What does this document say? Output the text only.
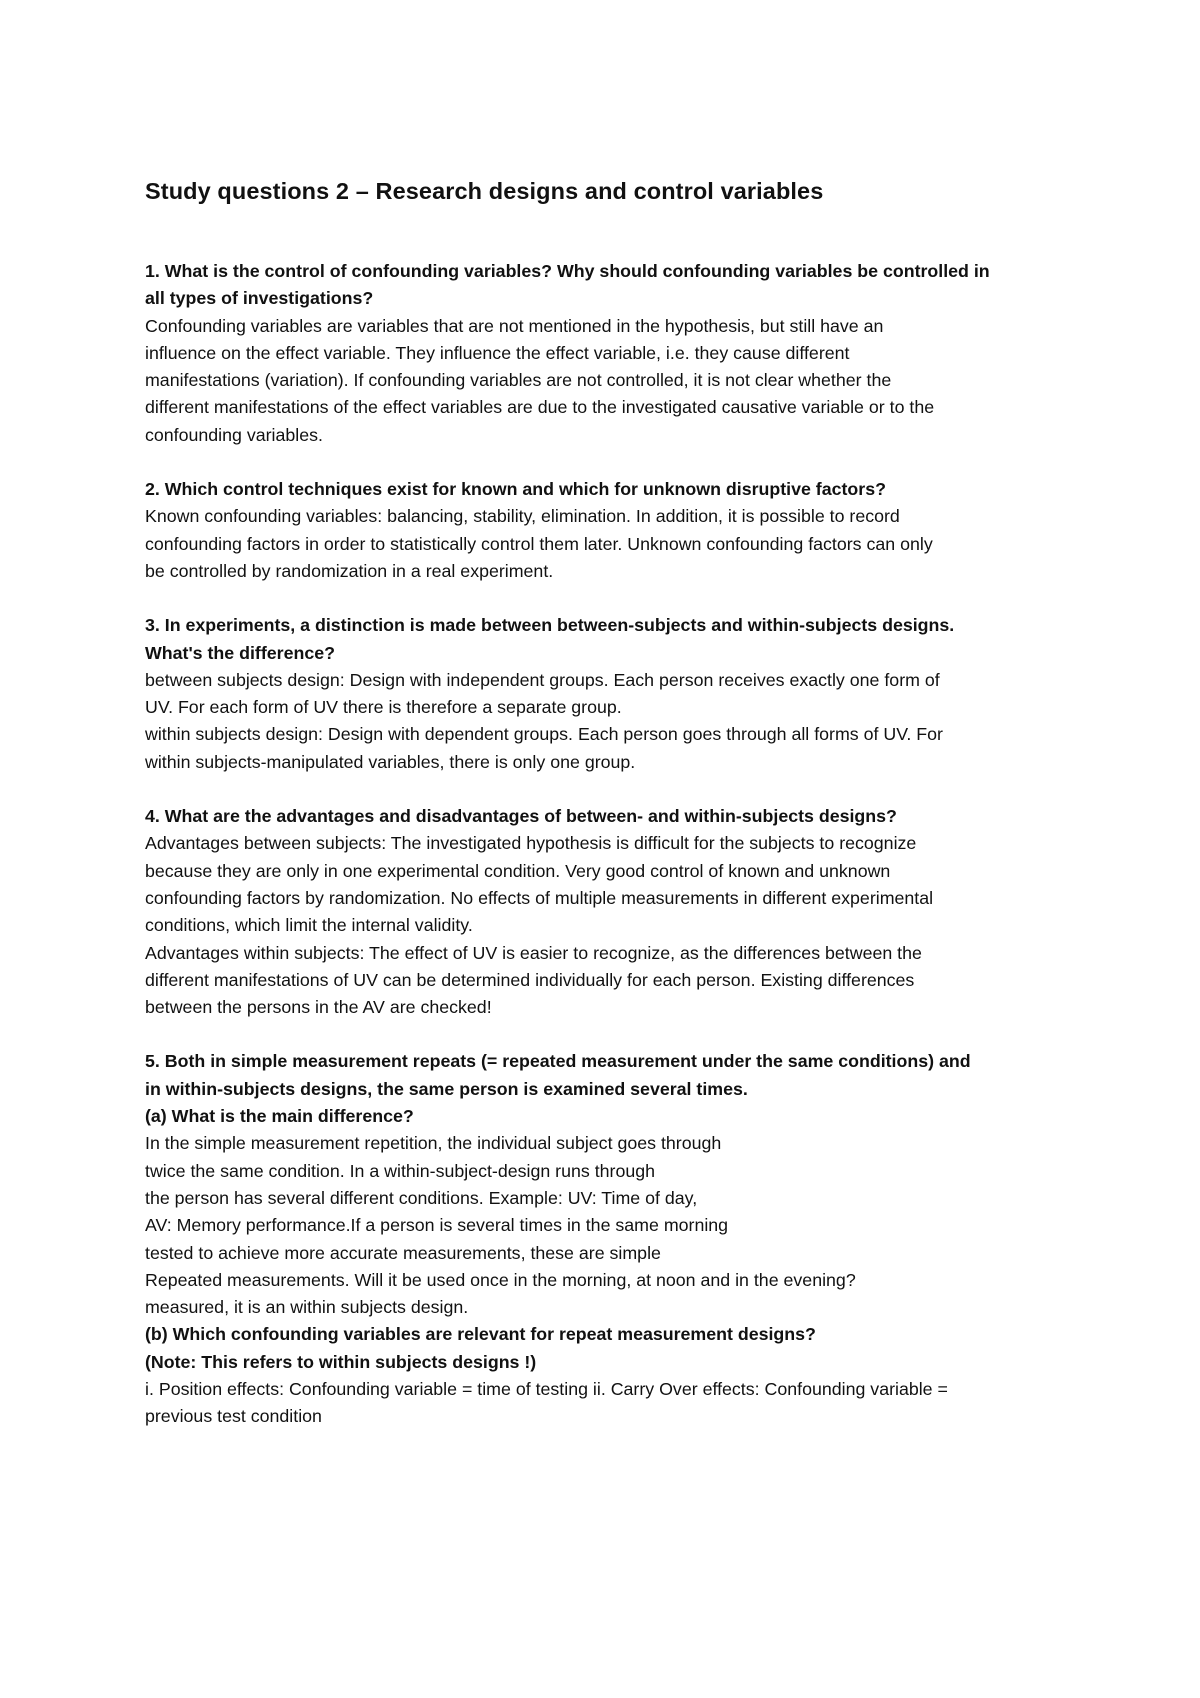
Study questions 2 – Research designs and control variables
1. What is the control of confounding variables? Why should confounding variables be controlled in
all types of investigations?
Confounding variables are variables that are not mentioned in the hypothesis, but still have an
influence on the effect variable. They influence the effect variable, i.e. they cause different
manifestations (variation). If confounding variables are not controlled, it is not clear whether the
different manifestations of the effect variables are due to the investigated causative variable or to the
confounding variables.
2. Which control techniques exist for known and which for unknown disruptive factors?
Known confounding variables: balancing, stability, elimination. In addition, it is possible to record
confounding factors in order to statistically control them later. Unknown confounding factors can only
be controlled by randomization in a real experiment.
3. In experiments, a distinction is made between between-subjects and within-subjects designs.
What's the difference?
between subjects design: Design with independent groups. Each person receives exactly one form of
UV. For each form of UV there is therefore a separate group.
within subjects design: Design with dependent groups. Each person goes through all forms of UV. For
within subjects-manipulated variables, there is only one group.
4. What are the advantages and disadvantages of between- and within-subjects designs?
Advantages between subjects: The investigated hypothesis is difficult for the subjects to recognize
because they are only in one experimental condition. Very good control of known and unknown
confounding factors by randomization. No effects of multiple measurements in different experimental
conditions, which limit the internal validity.
Advantages within subjects: The effect of UV is easier to recognize, as the differences between the
different manifestations of UV can be determined individually for each person. Existing differences
between the persons in the AV are checked!
5. Both in simple measurement repeats (= repeated measurement under the same conditions) and
in within-subjects designs, the same person is examined several times.
(a) What is the main difference?
In the simple measurement repetition, the individual subject goes through
twice the same condition. In a within-subject-design runs through
the person has several different conditions. Example: UV: Time of day,
AV: Memory performance.If a person is several times in the same morning
tested to achieve more accurate measurements, these are simple
Repeated measurements. Will it be used once in the morning, at noon and in the evening?
measured, it is an within subjects design.
(b) Which confounding variables are relevant for repeat measurement designs?
(Note: This refers to within subjects designs !)
i. Position effects: Confounding variable = time of testing ii. Carry Over effects: Confounding variable =
previous test condition
